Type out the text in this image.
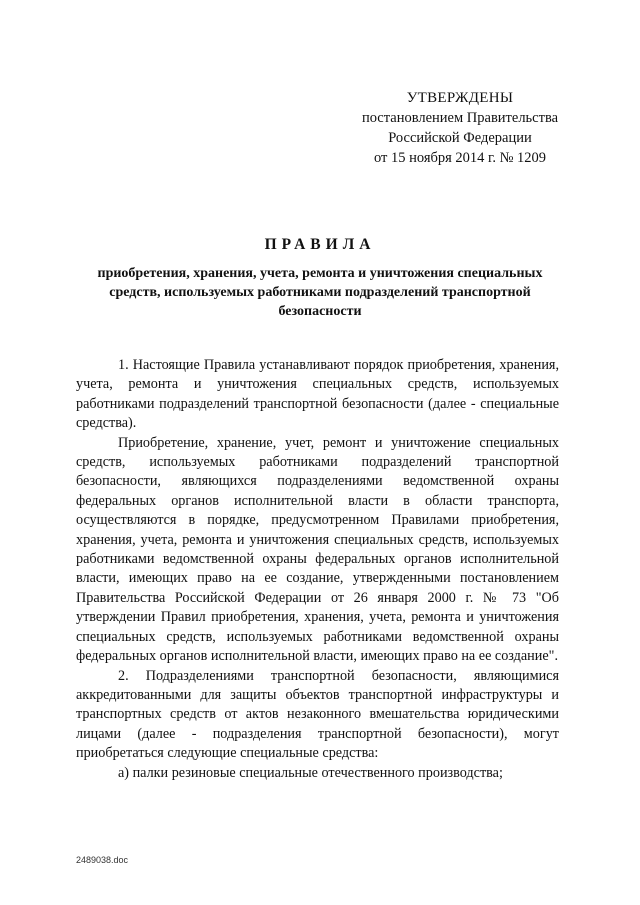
УТВЕРЖДЕНЫ
постановлением Правительства
Российской Федерации
от 15 ноября 2014 г. № 1209
ПРАВИЛА
приобретения, хранения, учета, ремонта и уничтожения специальных средств, используемых работниками подразделений транспортной безопасности

1. Настоящие Правила устанавливают порядок приобретения, хранения, учета, ремонта и уничтожения специальных средств, используемых работниками подразделений транспортной безопасности (далее - специальные средства).

Приобретение, хранение, учет, ремонт и уничтожение специальных средств, используемых работниками подразделений транспортной безопасности, являющихся подразделениями ведомственной охраны федеральных органов исполнительной власти в области транспорта, осуществляются в порядке, предусмотренном Правилами приобретения, хранения, учета, ремонта и уничтожения специальных средств, используемых работниками ведомственной охраны федеральных органов исполнительной власти, имеющих право на ее создание, утвержденными постановлением Правительства Российской Федерации от 26 января 2000 г. № 73 "Об утверждении Правил приобретения, хранения, учета, ремонта и уничтожения специальных средств, используемых работниками ведомственной охраны федеральных органов исполнительной власти, имеющих право на ее создание".

2. Подразделениями транспортной безопасности, являющимися аккредитованными для защиты объектов транспортной инфраструктуры и транспортных средств от актов незаконного вмешательства юридическими лицами (далее - подразделения транспортной безопасности), могут приобретаться следующие специальные средства:

а) палки резиновые специальные отечественного производства;

2489038.doc
